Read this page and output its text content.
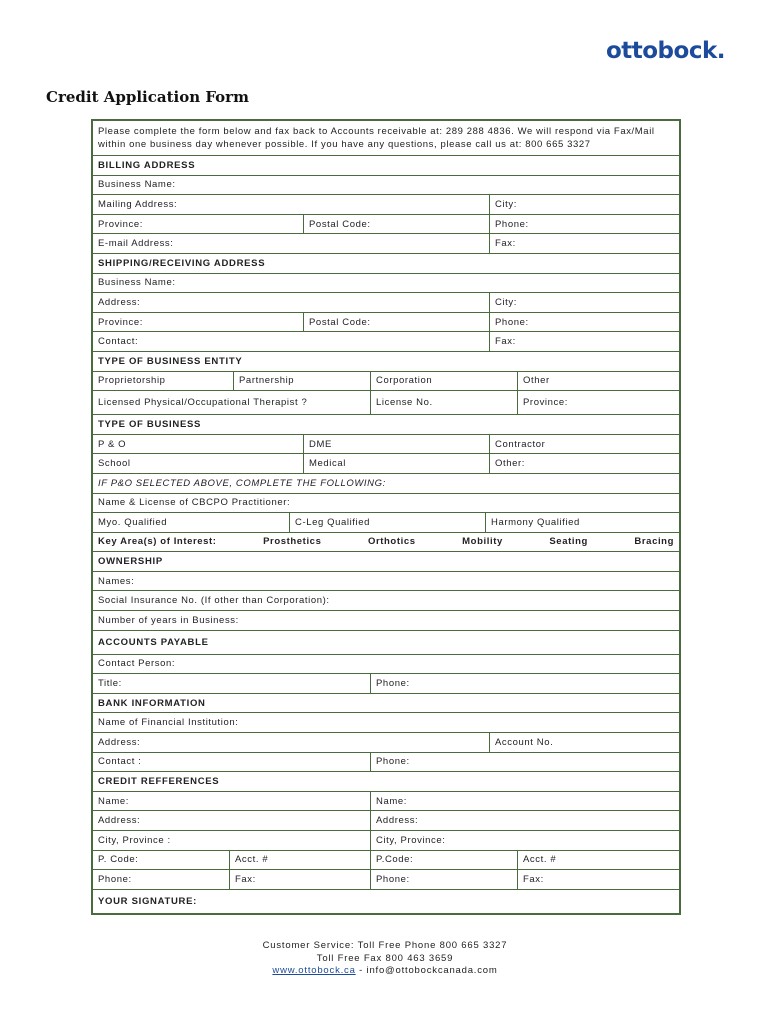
ottobock.
Credit Application Form
Please complete the form below and fax back to Accounts receivable at: 289 288 4836. We will respond via Fax/Mail within one business day whenever possible. If you have any questions, please call us at: 800 665 3327
BILLING ADDRESS
Business Name:
Mailing Address:	City:
Province:	Postal Code:	Phone:
E-mail Address:	Fax:
SHIPPING/RECEIVING ADDRESS
Business Name:
Address:	City:
Province:	Postal Code:	Phone:
Contact:	Fax:
TYPE OF BUSINESS ENTITY
Proprietorship	Partnership	Corporation	Other
Licensed Physical/Occupational Therapist ?	License No.	Province:
TYPE OF BUSINESS
P & O	DME	Contractor
School	Medical	Other:
IF P&O SELECTED ABOVE, COMPLETE THE FOLLOWING:
Name & License of CBCPO Practitioner:
Myo. Qualified	C-Leg Qualified	Harmony Qualified
Key Area(s) of Interest:	Prosthetics	Orthotics	Mobility	Seating	Bracing
OWNERSHIP
Names:
Social Insurance No. (If other than Corporation):
Number of years in Business:
ACCOUNTS PAYABLE
Contact Person:
Title:	Phone:
BANK INFORMATION
Name of Financial Institution:
Address:	Account No.
Contact :	Phone:
CREDIT REFFERENCES
Name:	Name:
Address:	Address:
City, Province :	City, Province:
P. Code:	Acct. #	P.Code:	Acct. #
Phone:	Fax:	Phone:	Fax:
YOUR SIGNATURE:
Customer Service: Toll Free Phone 800 665 3327
Toll Free Fax 800 463 3659
www.ottobock.ca - info@ottobockcanada.com
